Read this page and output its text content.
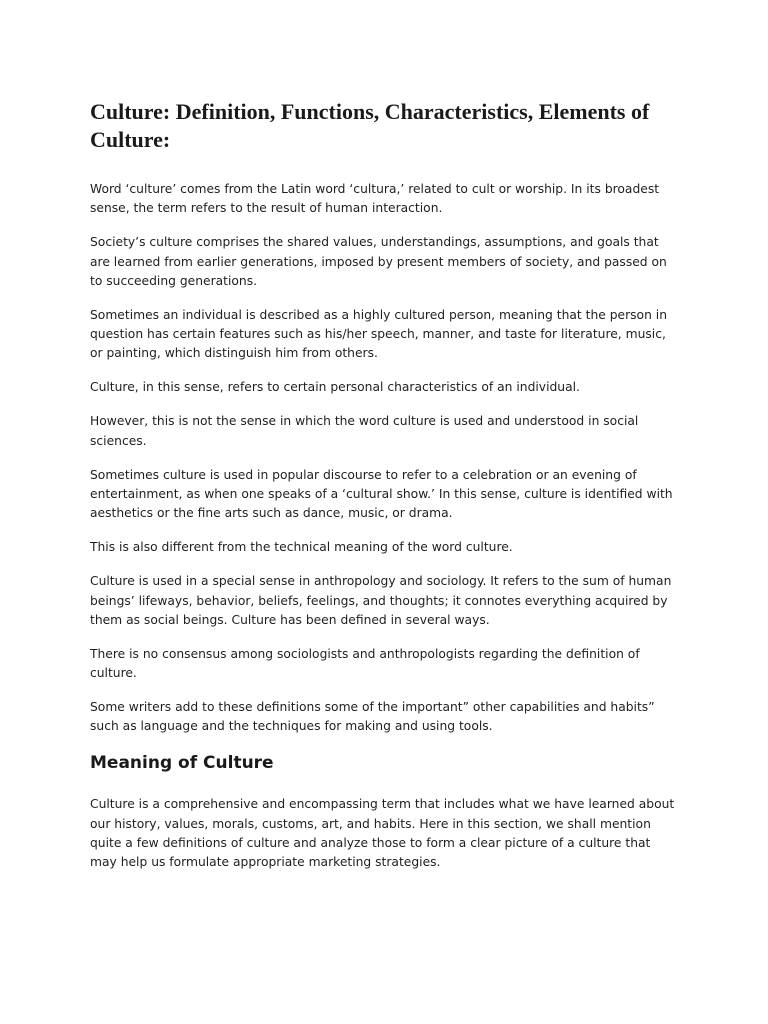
Culture: Definition, Functions, Characteristics, Elements of Culture:

Word ‘culture’ comes from the Latin word ‘cultura,’ related to cult or worship. In its broadest sense, the term refers to the result of human interaction.

Society’s culture comprises the shared values, understandings, assumptions, and goals that are learned from earlier generations, imposed by present members of society, and passed on to succeeding generations.

Sometimes an individual is described as a highly cultured person, meaning that the person in question has certain features such as his/her speech, manner, and taste for literature, music, or painting, which distinguish him from others.

Culture, in this sense, refers to certain personal characteristics of an individual.

However, this is not the sense in which the word culture is used and understood in social sciences.

Sometimes culture is used in popular discourse to refer to a celebration or an evening of entertainment, as when one speaks of a ‘cultural show.’ In this sense, culture is identified with aesthetics or the fine arts such as dance, music, or drama.

This is also different from the technical meaning of the word culture.

Culture is used in a special sense in anthropology and sociology. It refers to the sum of human beings’ lifeways, behavior, beliefs, feelings, and thoughts; it connotes everything acquired by them as social beings. Culture has been defined in several ways.

There is no consensus among sociologists and anthropologists regarding the definition of culture.

Some writers add to these definitions some of the important” other capabilities and habits” such as language and the techniques for making and using tools.

Meaning of Culture

Culture is a comprehensive and encompassing term that includes what we have learned about our history, values, morals, customs, art, and habits. Here in this section, we shall mention quite a few definitions of culture and analyze those to form a clear picture of a culture that may help us formulate appropriate marketing strategies.
